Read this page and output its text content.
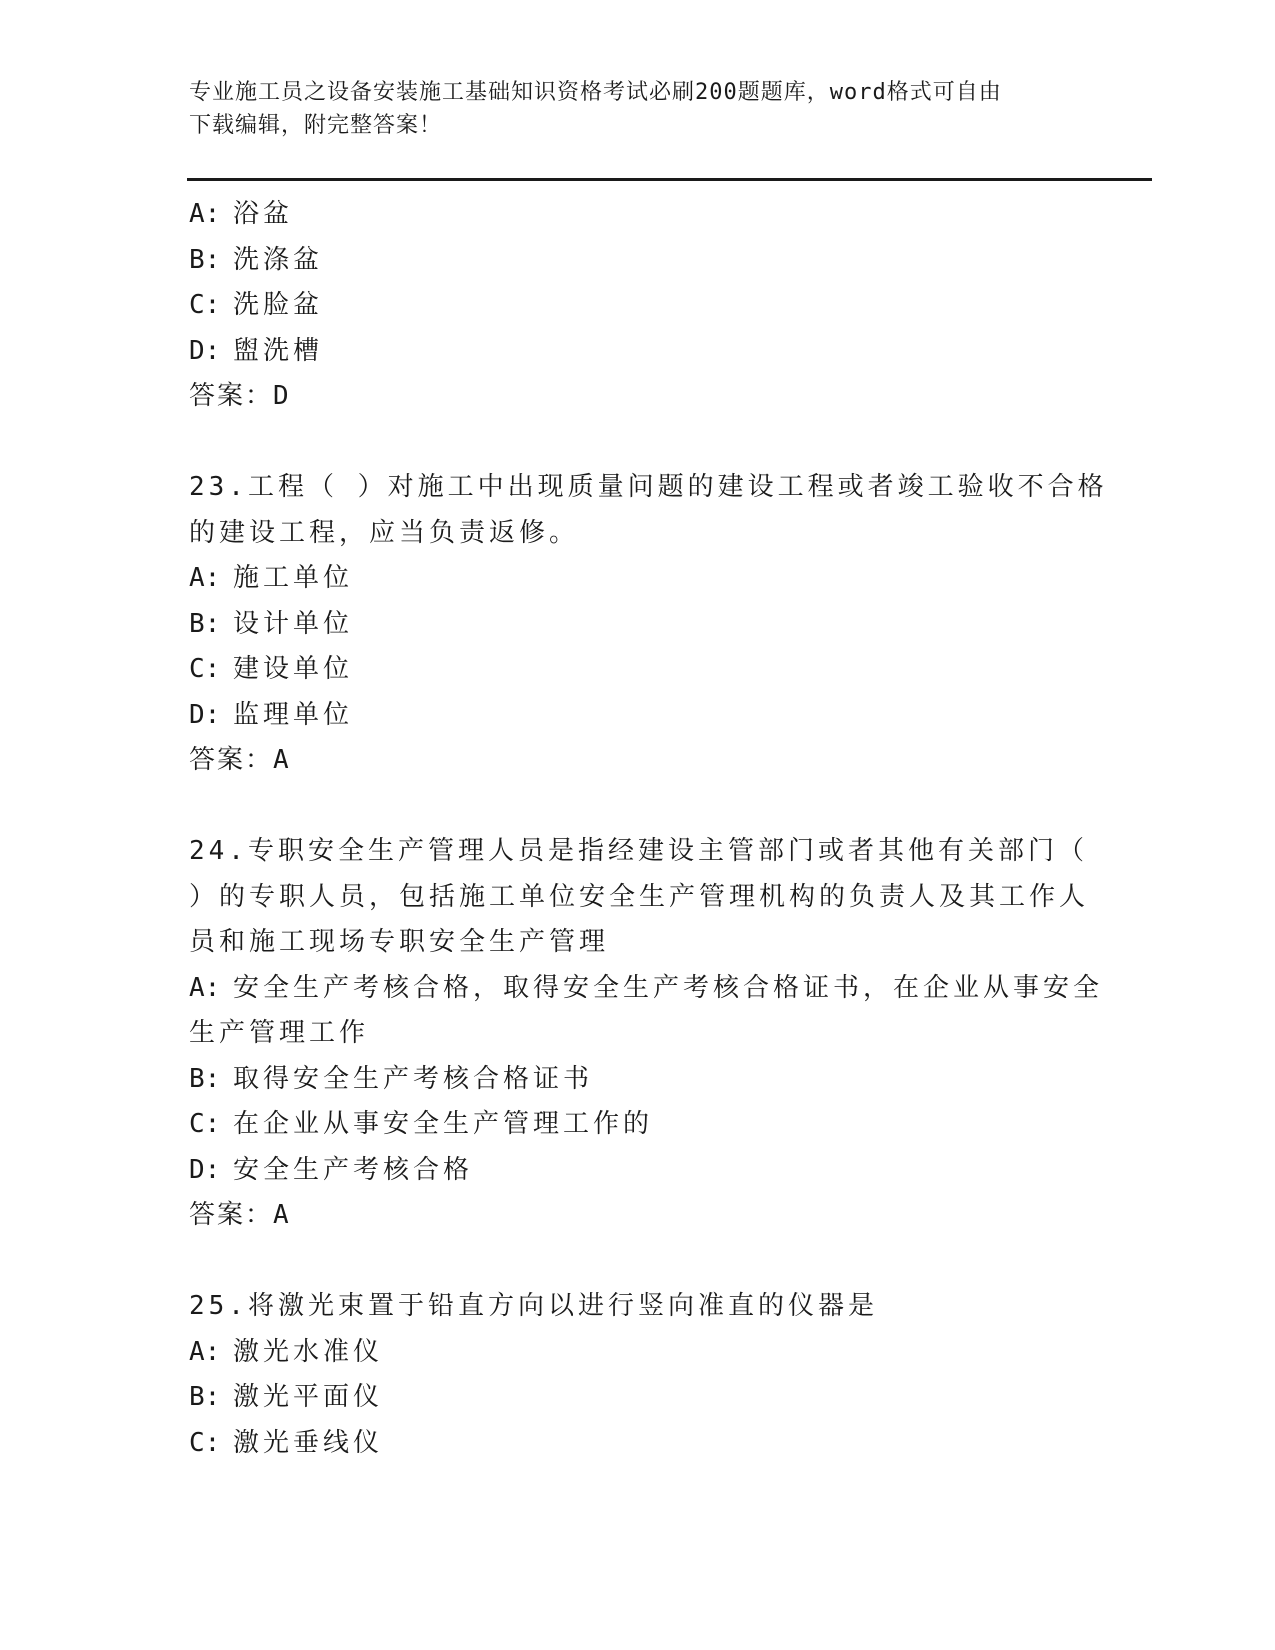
专业施工员之设备安装施工基础知识资格考试必刷200题题库，word格式可自由
下载编辑，附完整答案！
A: 浴盆
B: 洗涤盆
C: 洗脸盆
D: 盥洗槽
答案：D
23.工程（ ）对施工中出现质量问题的建设工程或者竣工验收不合格
的建设工程，应当负责返修。
A: 施工单位
B: 设计单位
C: 建设单位
D: 监理单位
答案：A
24.专职安全生产管理人员是指经建设主管部门或者其他有关部门（
）的专职人员，包括施工单位安全生产管理机构的负责人及其工作人
员和施工现场专职安全生产管理
A: 安全生产考核合格，取得安全生产考核合格证书，在企业从事安全
生产管理工作
B: 取得安全生产考核合格证书
C: 在企业从事安全生产管理工作的
D: 安全生产考核合格
答案：A
25.将激光束置于铅直方向以进行竖向准直的仪器是
A: 激光水准仪
B: 激光平面仪
C: 激光垂线仪
